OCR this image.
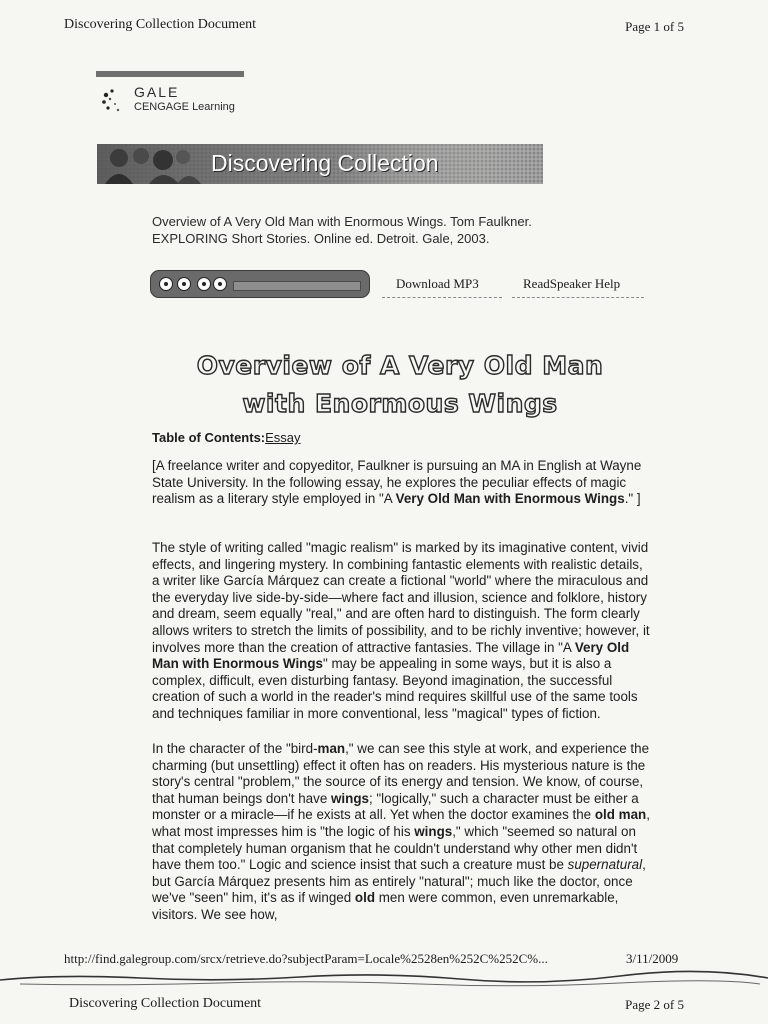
Discovering Collection Document	Page 1 of 5
GALE
CENGAGE Learning
Discovering Collection
Overview of A Very Old Man with Enormous Wings. Tom Faulkner.
EXPLORING Short Stories. Online ed. Detroit. Gale, 2003.
Download MP3	ReadSpeaker Help
Overview of A Very Old Man
with Enormous Wings
Table of Contents:Essay
[A freelance writer and copyeditor, Faulkner is pursuing an MA in English at Wayne State University. In the following essay, he explores the peculiar effects of magic realism as a literary style employed in "A Very Old Man with Enormous Wings." ]
The style of writing called "magic realism" is marked by its imaginative content, vivid effects, and lingering mystery. In combining fantastic elements with realistic details, a writer like García Márquez can create a fictional "world" where the miraculous and the everyday live side-by-side—where fact and illusion, science and folklore, history and dream, seem equally "real," and are often hard to distinguish. The form clearly allows writers to stretch the limits of possibility, and to be richly inventive; however, it involves more than the creation of attractive fantasies. The village in "A Very Old Man with Enormous Wings" may be appealing in some ways, but it is also a complex, difficult, even disturbing fantasy. Beyond imagination, the successful creation of such a world in the reader's mind requires skillful use of the same tools and techniques familiar in more conventional, less "magical" types of fiction.
In the character of the "bird-man," we can see this style at work, and experience the charming (but unsettling) effect it often has on readers. His mysterious nature is the story's central "problem," the source of its energy and tension. We know, of course, that human beings don't have wings; "logically," such a character must be either a monster or a miracle—if he exists at all. Yet when the doctor examines the old man, what most impresses him is "the logic of his wings," which "seemed so natural on that completely human organism that he couldn't understand why other men didn't have them too." Logic and science insist that such a creature must be supernatural, but García Márquez presents him as entirely "natural"; much like the doctor, once we've "seen" him, it's as if winged old men were common, even unremarkable, visitors. We see how,
http://find.galegroup.com/srcx/retrieve.do?subjectParam=Locale%2528en%252C%252C%...	3/11/2009
Discovering Collection Document	Page 2 of 5
